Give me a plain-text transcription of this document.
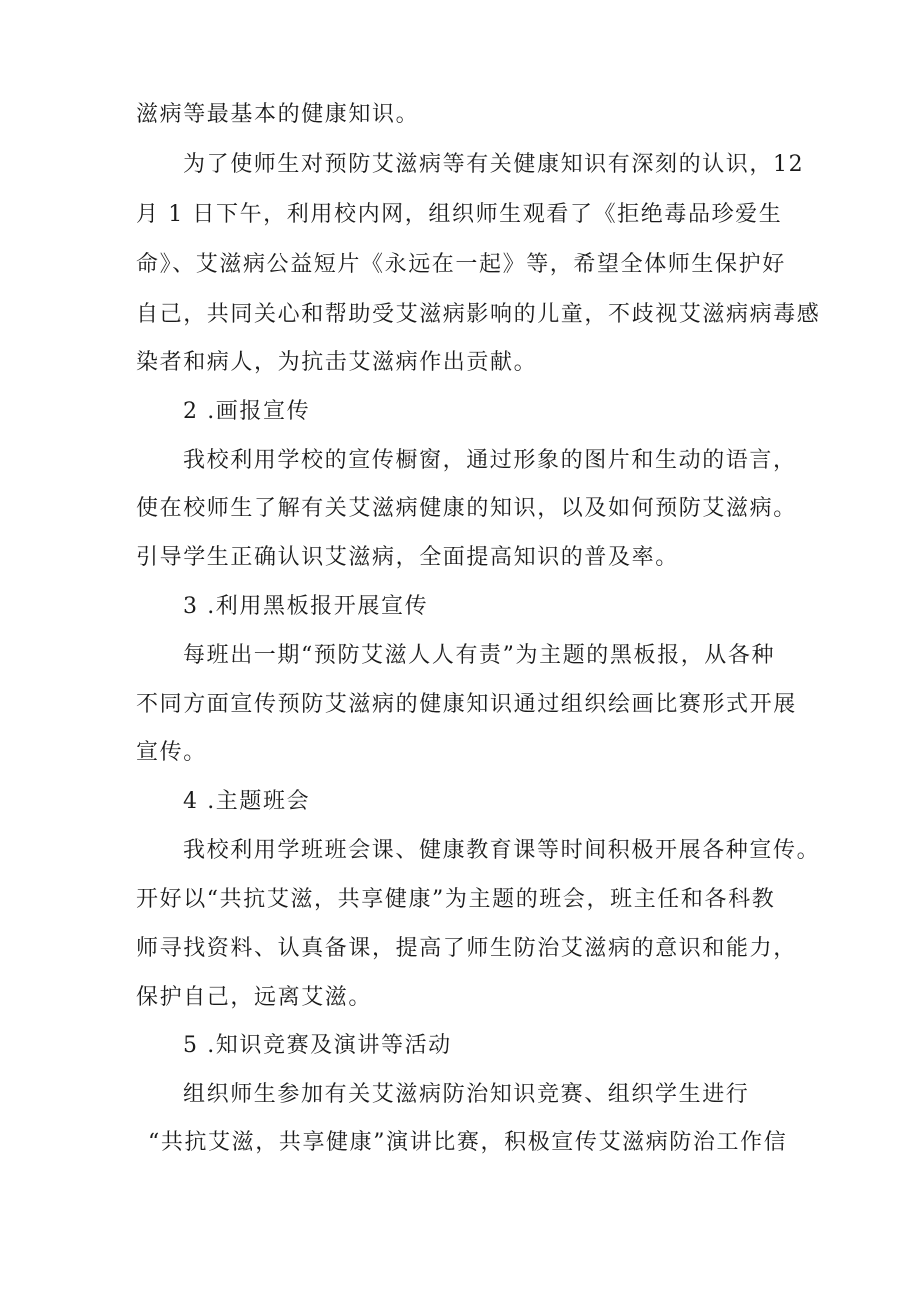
滋病等最基本的健康知识。
为了使师生对预防艾滋病等有关健康知识有深刻的认识，12
月 1 日下午，利用校内网，组织师生观看了《拒绝毒品珍爱生
命》、艾滋病公益短片《永远在一起》等，希望全体师生保护好
自己，共同关心和帮助受艾滋病影响的儿童，不歧视艾滋病病毒感
染者和病人，为抗击艾滋病作出贡献。
2 .画报宣传
我校利用学校的宣传橱窗，通过形象的图片和生动的语言，
使在校师生了解有关艾滋病健康的知识，以及如何预防艾滋病。
引导学生正确认识艾滋病，全面提高知识的普及率。
3 .利用黑板报开展宣传
每班出一期“预防艾滋人人有责”为主题的黑板报，从各种
不同方面宣传预防艾滋病的健康知识通过组织绘画比赛形式开展
宣传。
4 .主题班会
我校利用学班班会课、健康教育课等时间积极开展各种宣传。
开好以“共抗艾滋，共享健康”为主题的班会，班主任和各科教
师寻找资料、认真备课，提高了师生防治艾滋病的意识和能力，
保护自己，远离艾滋。
5 .知识竞赛及演讲等活动
组织师生参加有关艾滋病防治知识竞赛、组织学生进行
“共抗艾滋，共享健康”演讲比赛，积极宣传艾滋病防治工作信
